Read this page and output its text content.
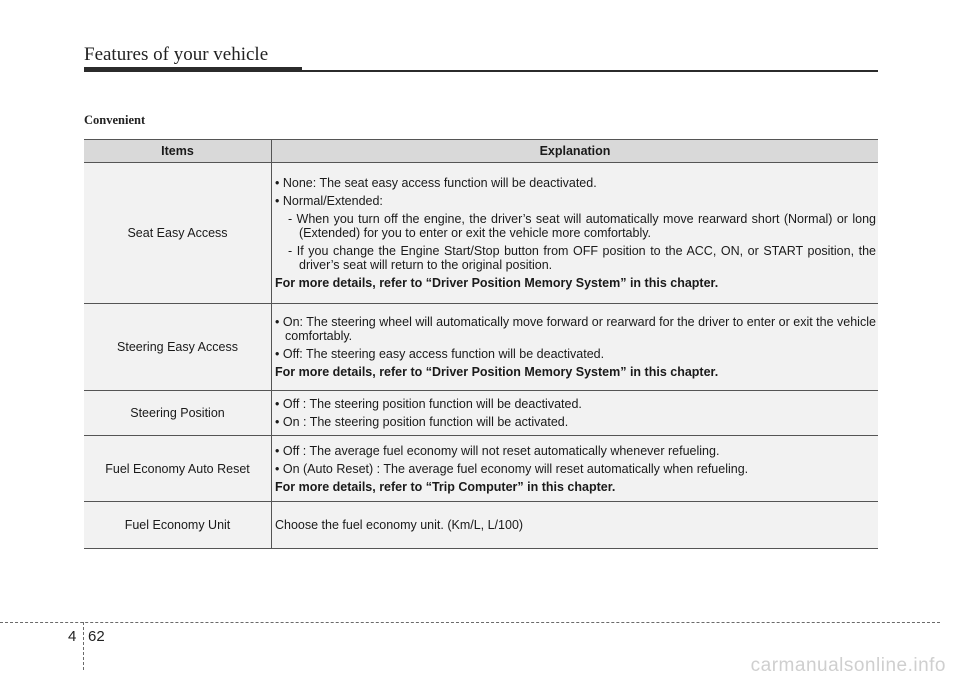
Features of your vehicle
Convenient
Items	Explanation
Seat Easy Access	• None: The seat easy access function will be deactivated.
• Normal/Extended:
- When you turn off the engine, the driver’s seat will automatically move rearward short (Normal) or long (Extended) for you to enter or exit the vehicle more comfortably.
- If you change the Engine Start/Stop button from OFF position to the ACC, ON, or START position, the driver’s seat will return to the original position.
For more details, refer to “Driver Position Memory System” in this chapter.

Steering Easy Access	• On: The steering wheel will automatically move forward or rearward for the driver to enter or exit the vehicle comfortably.
• Off: The steering easy access function will be deactivated.
For more details, refer to “Driver Position Memory System” in this chapter.

Steering Position	• Off : The steering position function will be deactivated.
• On : The steering position function will be activated.

Fuel Economy Auto Reset	• Off : The average fuel economy will not reset automatically whenever refueling.
• On (Auto Reset) : The average fuel economy will reset automatically when refueling.
For more details, refer to “Trip Computer” in this chapter.

Fuel Economy Unit	Choose the fuel economy unit. (Km/L, L/100)
4 62
carmanualsonline.info
